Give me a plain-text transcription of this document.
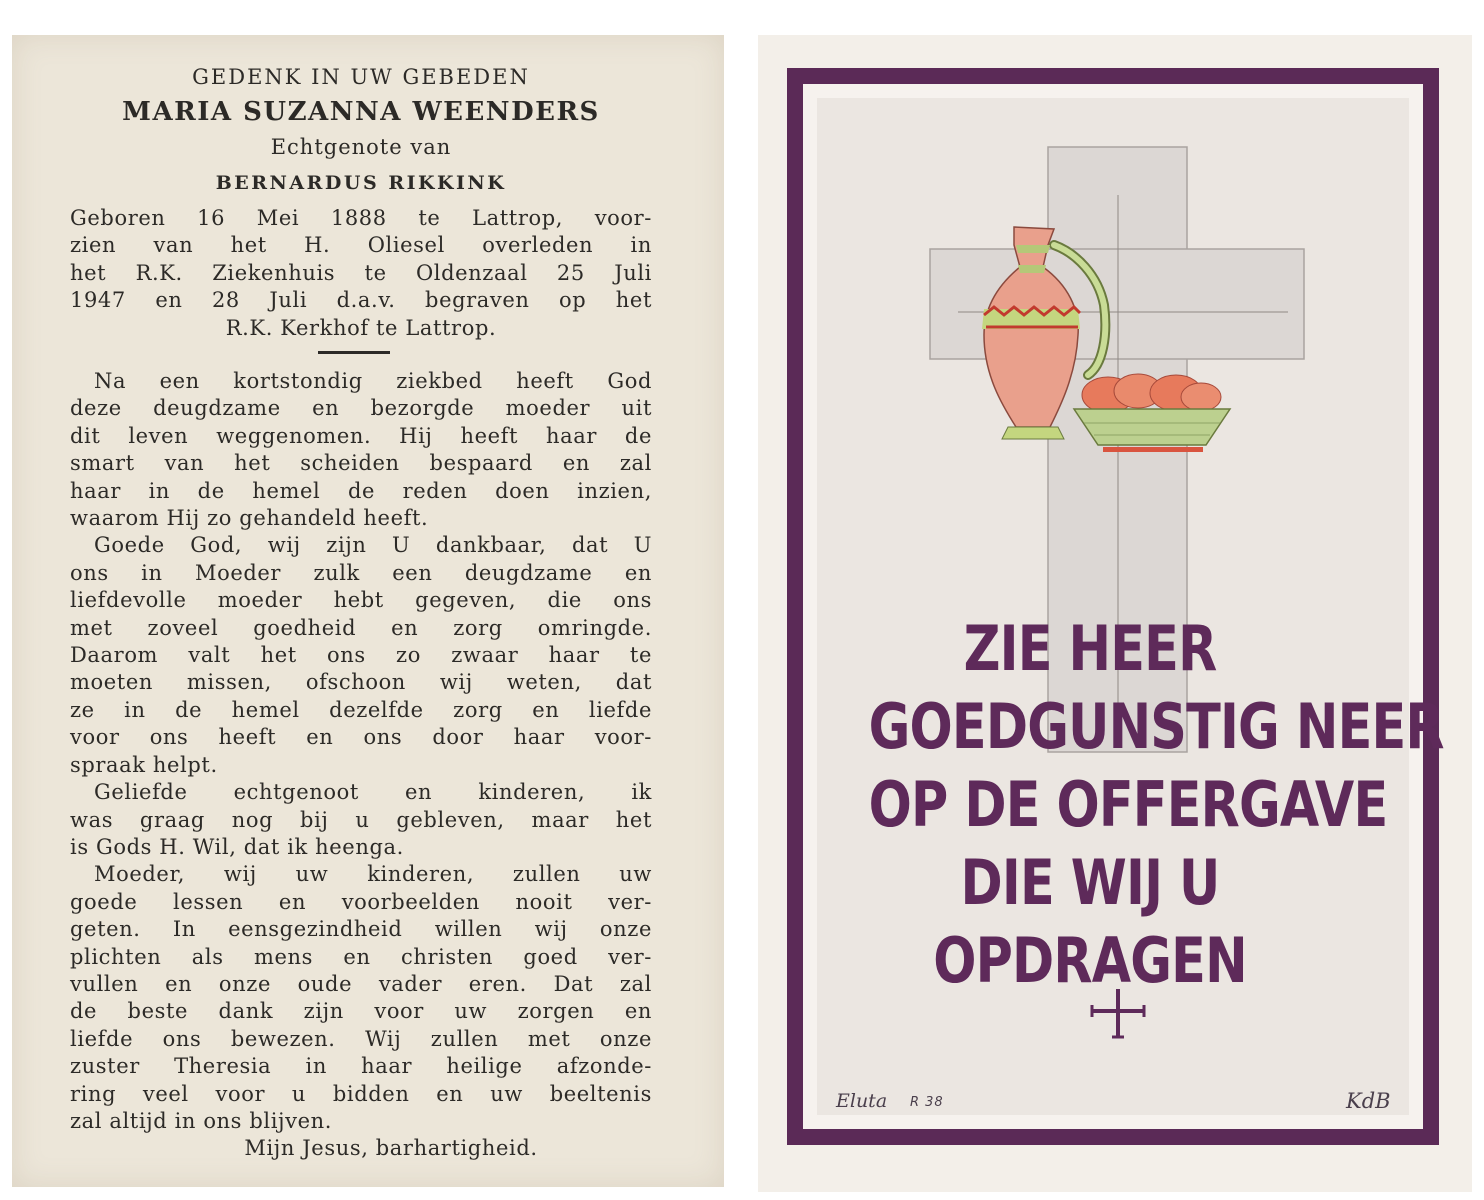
GEDENK IN UW GEBEDEN
MARIA SUZANNA WEENDERS
Echtgenote van
BERNARDUS RIKKINK
Geboren 16 Mei 1888 te Lattrop, voor-
zien van het H. Oliesel overleden in
het R.K. Ziekenhuis te Oldenzaal 25 Juli
1947 en 28 Juli d.a.v. begraven op het
R.K. Kerkhof te Lattrop.
Na een kortstondig ziekbed heeft God
deze deugdzame en bezorgde moeder uit
dit leven weggenomen. Hij heeft haar de
smart van het scheiden bespaard en zal
haar in de hemel de reden doen inzien,
waarom Hij zo gehandeld heeft.
Goede God, wij zijn U dankbaar, dat U
ons in Moeder zulk een deugdzame en
liefdevolle moeder hebt gegeven, die ons
met zoveel goedheid en zorg omringde.
Daarom valt het ons zo zwaar haar te
moeten missen, ofschoon wij weten, dat
ze in de hemel dezelfde zorg en liefde
voor ons heeft en ons door haar voor-
spraak helpt.
Geliefde echtgenoot en kinderen, ik
was graag nog bij u gebleven, maar het
is Gods H. Wil, dat ik heenga.
Moeder, wij uw kinderen, zullen uw
goede lessen en voorbeelden nooit ver-
geten. In eensgezindheid willen wij onze
plichten als mens en christen goed ver-
vullen en onze oude vader eren. Dat zal
de beste dank zijn voor uw zorgen en
liefde ons bewezen. Wij zullen met onze
zuster Theresia in haar heilige afzonde-
ring veel voor u bidden en uw beeltenis
zal altijd in ons blijven.
Mijn Jesus, barhartigheid.
ZIE HEER
GOEDGUNSTIG NEER
OP DE OFFERGAVE
DIE WIJ U
OPDRAGEN
Eluta R 38	KdB
